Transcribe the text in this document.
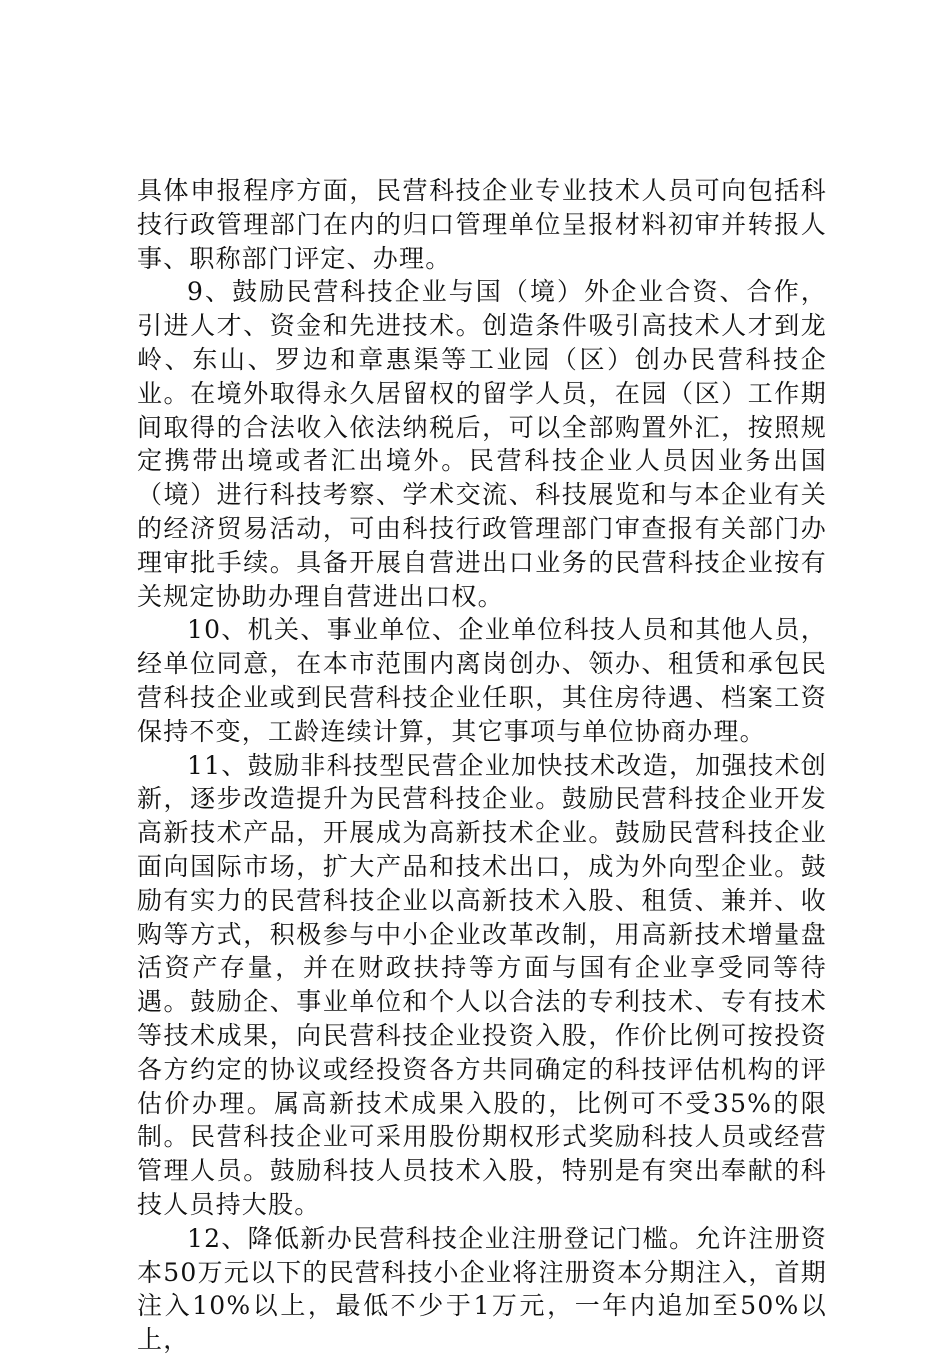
具体申报程序方面，民营科技企业专业技术人员可向包括科技行政管理部门在内的归口管理单位呈报材料初审并转报人事、职称部门评定、办理。

9、鼓励民营科技企业与国（境）外企业合资、合作，引进人才、资金和先进技术。创造条件吸引高技术人才到龙岭、东山、罗边和章惠渠等工业园（区）创办民营科技企业。在境外取得永久居留权的留学人员，在园（区）工作期间取得的合法收入依法纳税后，可以全部购置外汇，按照规定携带出境或者汇出境外。民营科技企业人员因业务出国（境）进行科技考察、学术交流、科技展览和与本企业有关的经济贸易活动，可由科技行政管理部门审查报有关部门办理审批手续。具备开展自营进出口业务的民营科技企业按有关规定协助办理自营进出口权。

10、机关、事业单位、企业单位科技人员和其他人员，经单位同意，在本市范围内离岗创办、领办、租赁和承包民营科技企业或到民营科技企业任职，其住房待遇、档案工资保持不变，工龄连续计算，其它事项与单位协商办理。

11、鼓励非科技型民营企业加快技术改造，加强技术创新，逐步改造提升为民营科技企业。鼓励民营科技企业开发高新技术产品，开展成为高新技术企业。鼓励民营科技企业面向国际市场，扩大产品和技术出口，成为外向型企业。鼓励有实力的民营科技企业以高新技术入股、租赁、兼并、收购等方式，积极参与中小企业改革改制，用高新技术增量盘活资产存量，并在财政扶持等方面与国有企业享受同等待遇。鼓励企、事业单位和个人以合法的专利技术、专有技术等技术成果，向民营科技企业投资入股，作价比例可按投资各方约定的协议或经投资各方共同确定的科技评估机构的评估价办理。属高新技术成果入股的，比例可不受35%的限制。民营科技企业可采用股份期权形式奖励科技人员或经营管理人员。鼓励科技人员技术入股，特别是有突出奉献的科技人员持大股。

12、降低新办民营科技企业注册登记门槛。允许注册资本50万元以下的民营科技小企业将注册资本分期注入，首期注入10%以上，最低不少于1万元，一年内追加至50%以上，
